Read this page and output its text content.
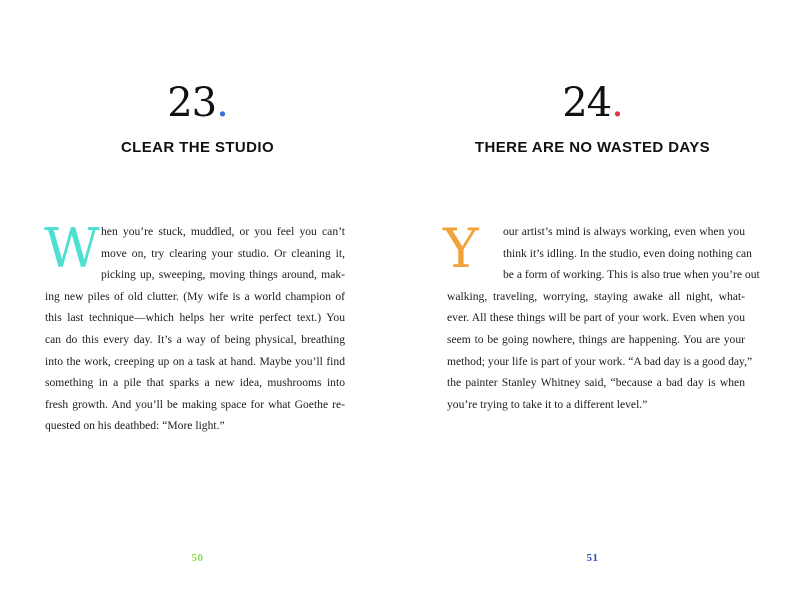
23.
CLEAR THE STUDIO
W hen you’re stuck, muddled, or you feel you can’t
move on, try clearing your studio. Or cleaning it,
picking up, sweeping, moving things around, mak-
ing new piles of old clutter. (My wife is a world champion of
this last technique—which helps her write perfect text.) You
can do this every day. It’s a way of being physical, breathing
into the work, creeping up on a task at hand. Maybe you’ll find
something in a pile that sparks a new idea, mushrooms into
fresh growth. And you’ll be making space for what Goethe re-
quested on his deathbed: “More light.”
50
24.
THERE ARE NO WASTED DAYS
Y	our artist’s mind is always working, even when you
think it’s idling. In the studio, even doing nothing can
be a form of working. This is also true when you’re out
walking, traveling, worrying, staying awake all night, what-
ever. All these things will be part of your work. Even when you
seem to be going nowhere, things are happening. You are your
method; your life is part of your work. “A bad day is a good day,”
the painter Stanley Whitney said, “because a bad day is when
you’re trying to take it to a different level.”
51
